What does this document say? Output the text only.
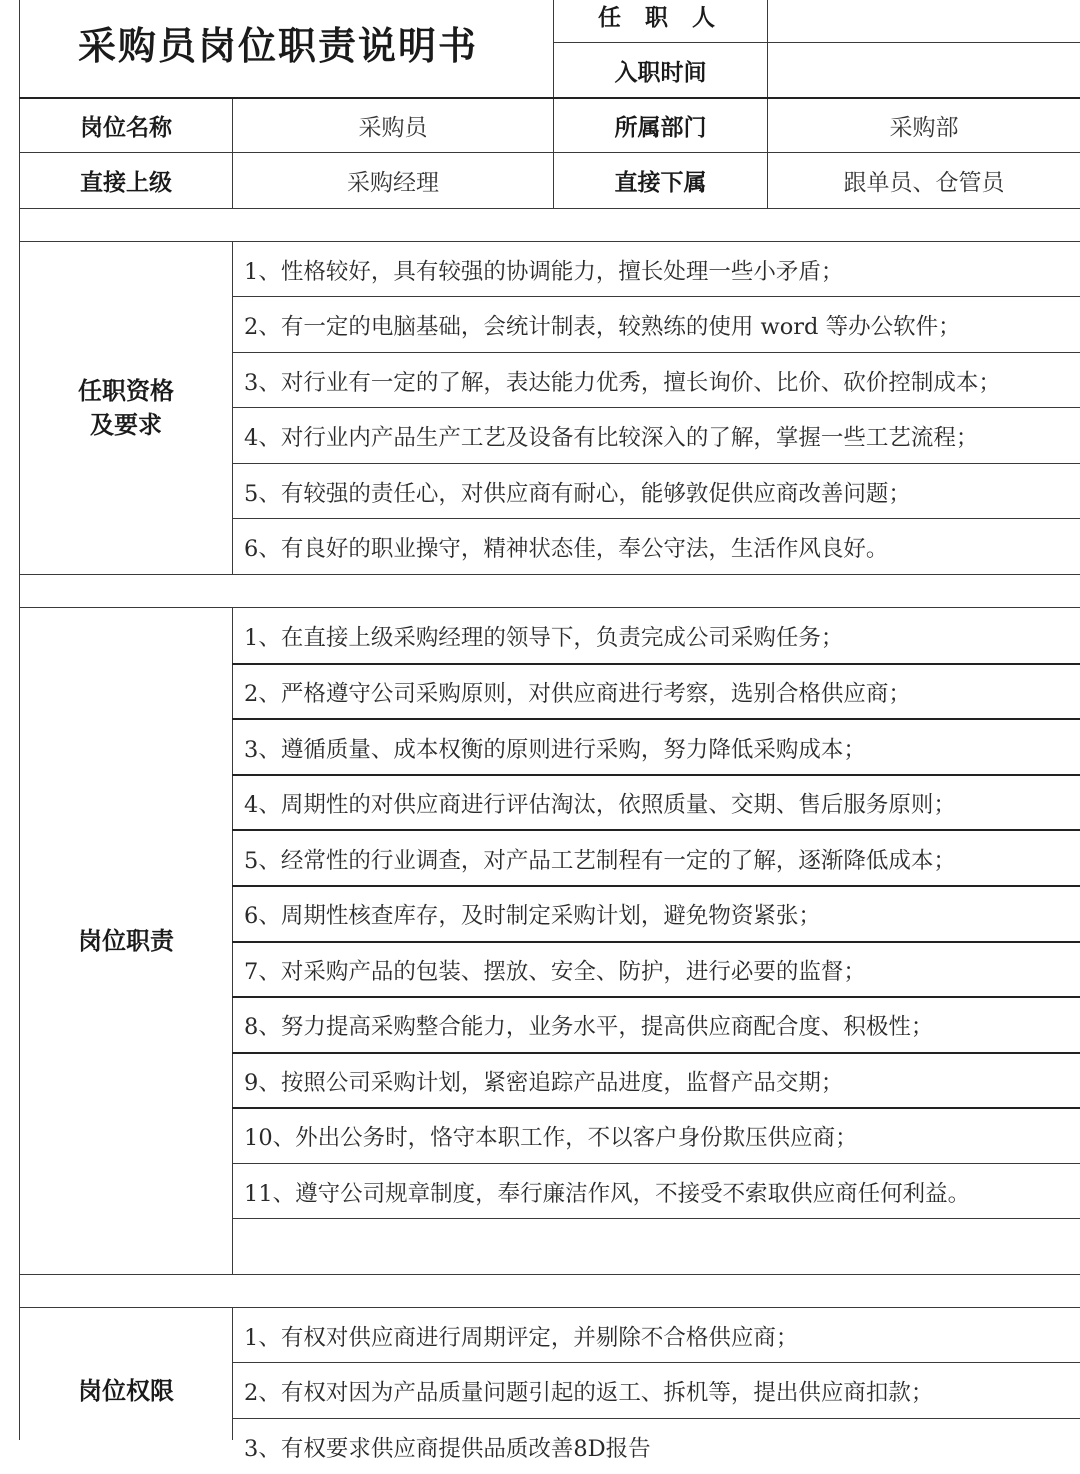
采购员岗位职责说明书
任 职 人
入职时间
岗位名称	采购员	所属部门	采购部
直接上级	采购经理	直接下属	跟单员、仓管员
任职资格
及要求
1、性格较好，具有较强的协调能力，擅长处理一些小矛盾；
2、有一定的电脑基础，会统计制表，较熟练的使用 word 等办公软件；
3、对行业有一定的了解，表达能力优秀，擅长询价、比价、砍价控制成本；
4、对行业内产品生产工艺及设备有比较深入的了解，掌握一些工艺流程；
5、有较强的责任心，对供应商有耐心，能够敦促供应商改善问题；
6、有良好的职业操守，精神状态佳，奉公守法，生活作风良好。
岗位职责
1、在直接上级采购经理的领导下，负责完成公司采购任务；
2、严格遵守公司采购原则，对供应商进行考察，选别合格供应商；
3、遵循质量、成本权衡的原则进行采购，努力降低采购成本；
4、周期性的对供应商进行评估淘汰，依照质量、交期、售后服务原则；
5、经常性的行业调查，对产品工艺制程有一定的了解，逐渐降低成本；
6、周期性核查库存，及时制定采购计划，避免物资紧张；
7、对采购产品的包装、摆放、安全、防护，进行必要的监督；
8、努力提高采购整合能力，业务水平，提高供应商配合度、积极性；
9、按照公司采购计划，紧密追踪产品进度，监督产品交期；
10、外出公务时，恪守本职工作，不以客户身份欺压供应商；
11、遵守公司规章制度，奉行廉洁作风，不接受不索取供应商任何利益。
岗位权限
1、有权对供应商进行周期评定，并剔除不合格供应商；
2、有权对因为产品质量问题引起的返工、拆机等，提出供应商扣款；
3、有权要求供应商提供品质改善8D报告
